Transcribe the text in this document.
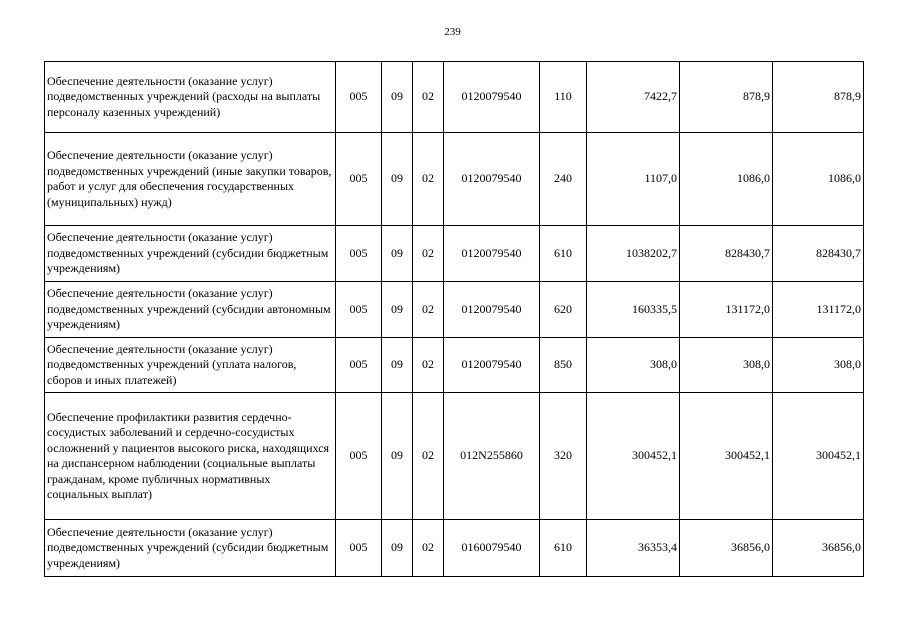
239
Обеспечение деятельности (оказание услуг) подведомственных учреждений (расходы на выплаты персоналу казенных учреждений)	005	09	02	0120079540	110	7422,7	878,9	878,9
Обеспечение деятельности (оказание услуг) подведомственных учреждений (иные закупки товаров, работ и услуг для обеспечения государственных (муниципальных) нужд)	005	09	02	0120079540	240	1107,0	1086,0	1086,0
Обеспечение деятельности (оказание услуг) подведомственных учреждений (субсидии бюджетным учреждениям)	005	09	02	0120079540	610	1038202,7	828430,7	828430,7
Обеспечение деятельности (оказание услуг) подведомственных учреждений (субсидии автономным учреждениям)	005	09	02	0120079540	620	160335,5	131172,0	131172,0
Обеспечение деятельности (оказание услуг) подведомственных учреждений (уплата налогов, сборов и иных платежей)	005	09	02	0120079540	850	308,0	308,0	308,0
Обеспечение профилактики развития сердечно-сосудистых заболеваний и сердечно-сосудистых осложнений у пациентов высокого риска, находящихся на диспансерном наблюдении (социальные выплаты гражданам, кроме публичных нормативных социальных выплат)	005	09	02	012N255860	320	300452,1	300452,1	300452,1
Обеспечение деятельности (оказание услуг) подведомственных учреждений (субсидии бюджетным учреждениям)	005	09	02	0160079540	610	36353,4	36856,0	36856,0
